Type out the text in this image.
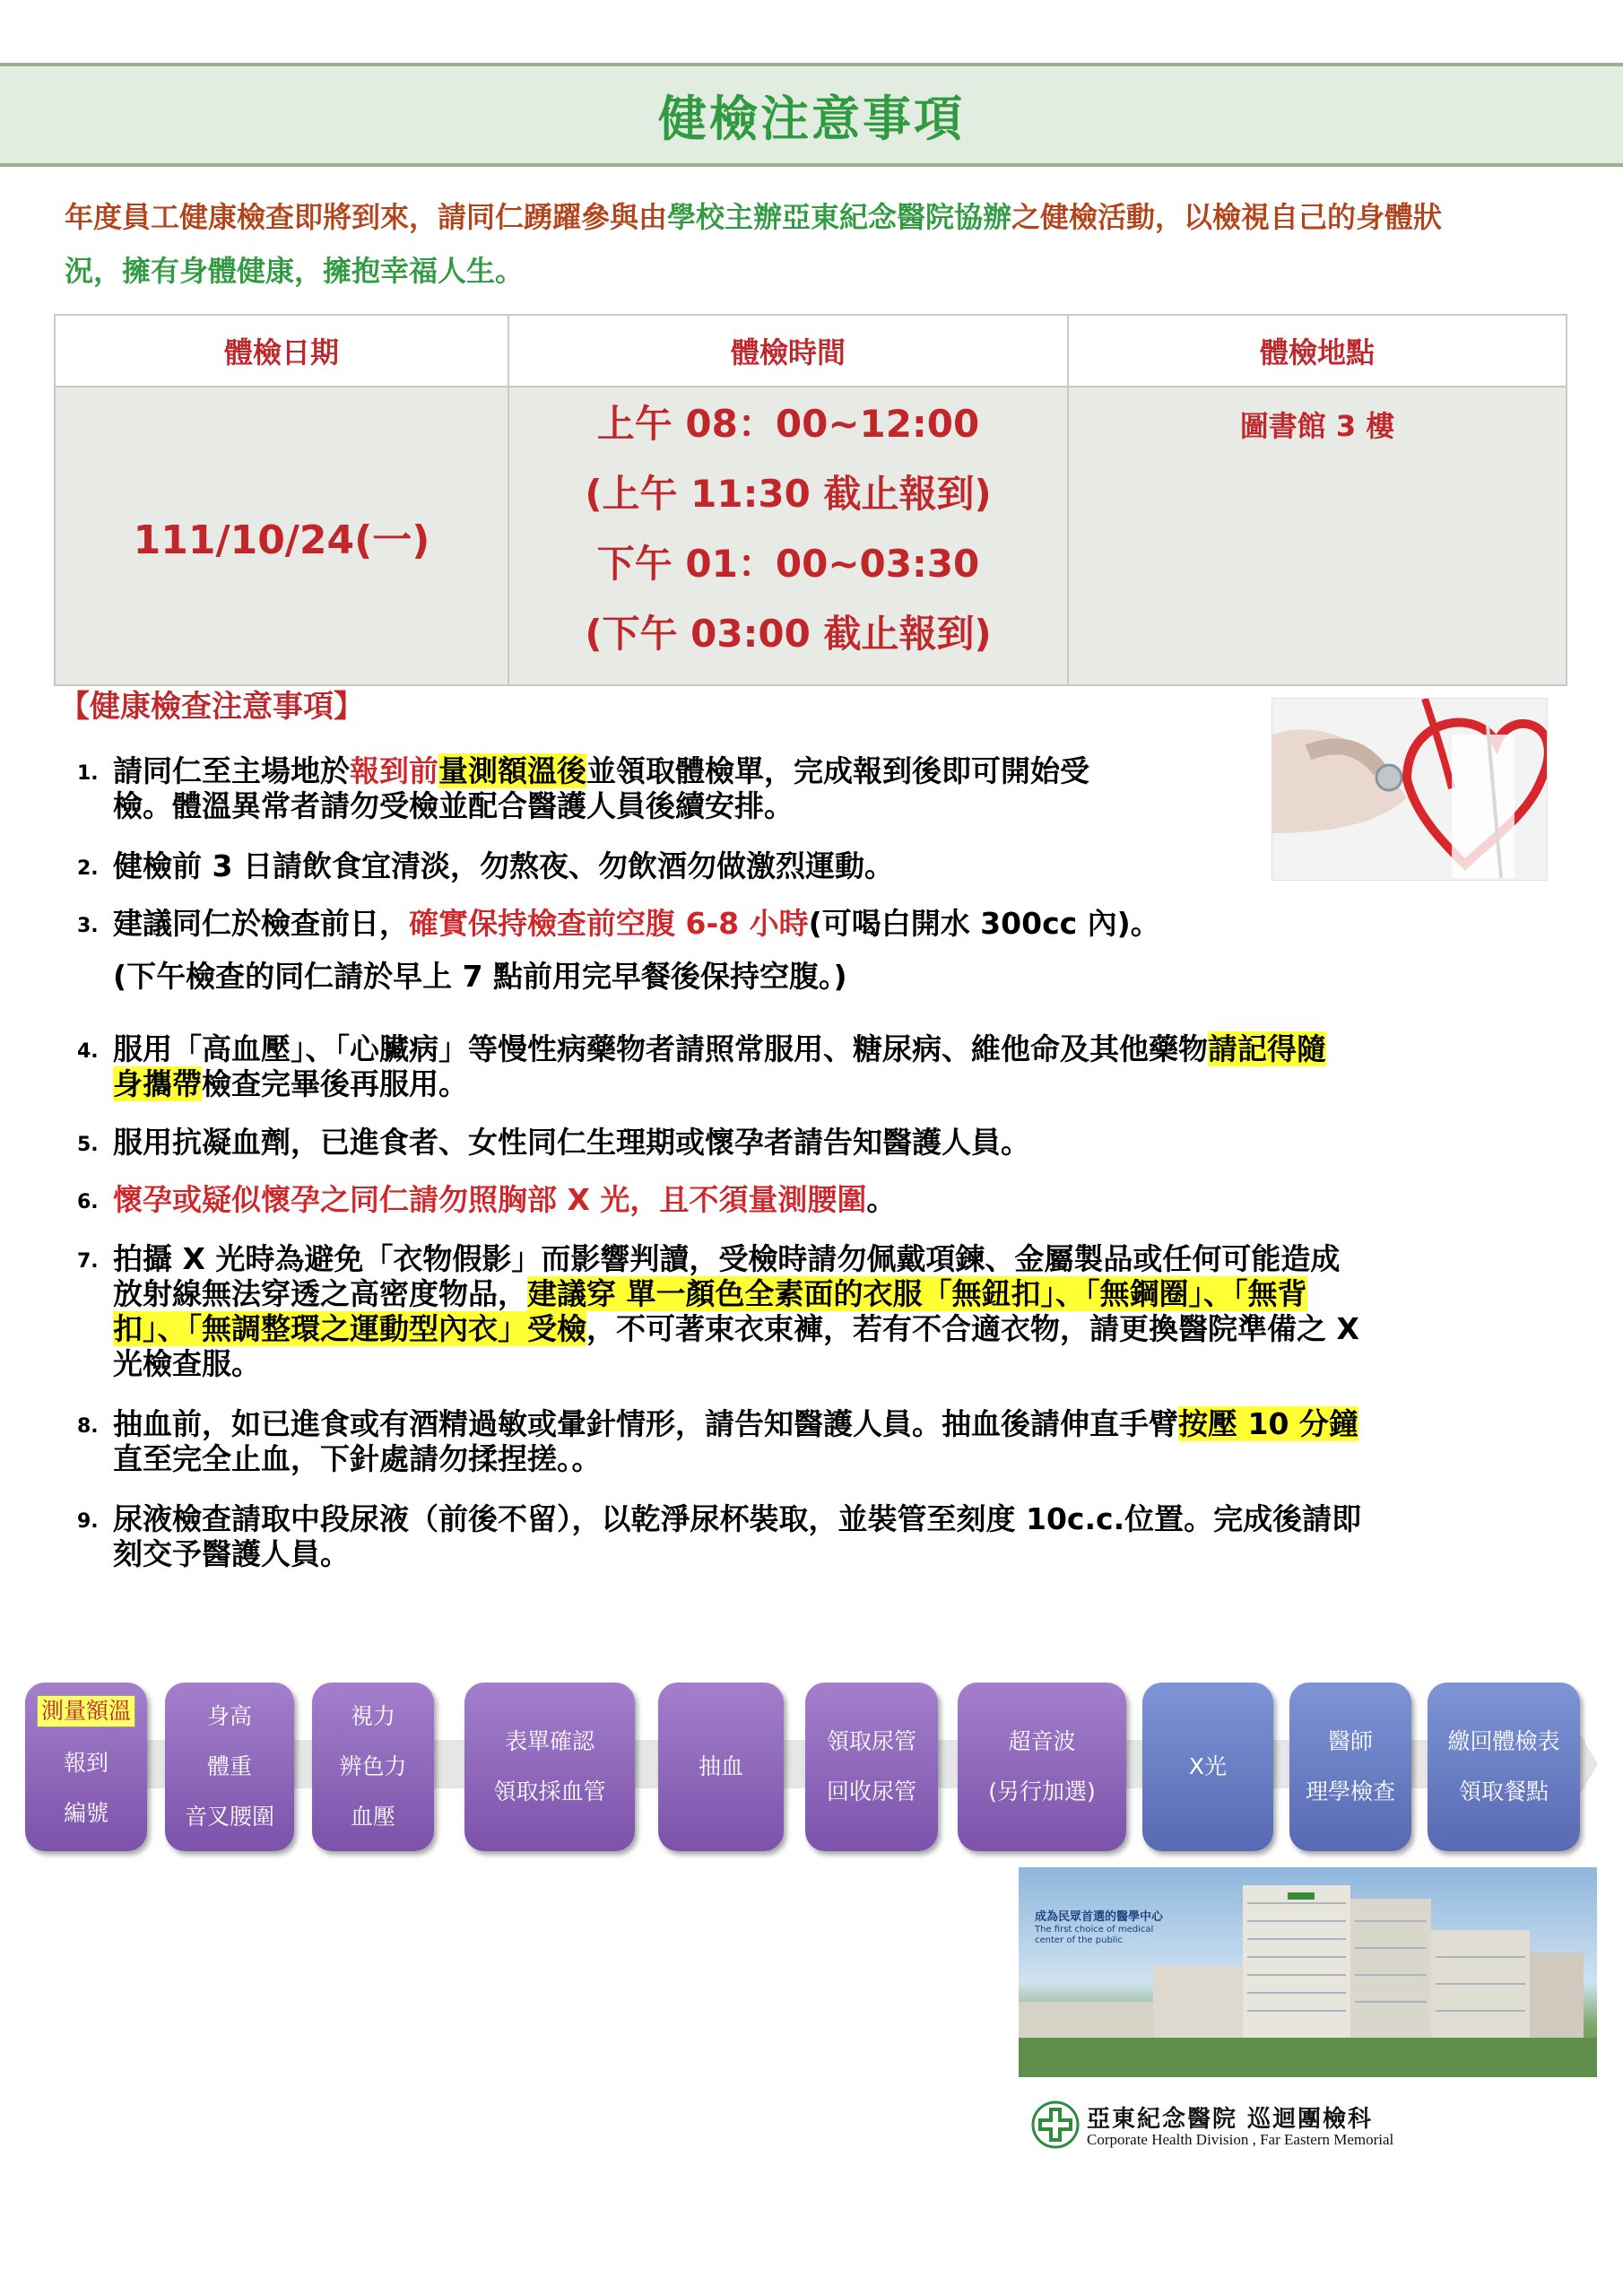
健檢注意事項
年度員工健康檢查即將到來，請同仁踴躍參與由學校主辦亞東紀念醫院協辦之健檢活動，以檢視自己的身體狀
況，擁有身體健康，擁抱幸福人生。
體檢日期	體檢時間	體檢地點
111/10/24(一)	上午 08：00~12:00
(上午 11:30 截止報到)
下午 01：00~03:30
(下午 03:00 截止報到)	圖書館 3 樓
【健康檢查注意事項】
1. 請同仁至主場地於報到前量測額溫後並領取體檢單，完成報到後即可開始受
檢。體溫異常者請勿受檢並配合醫護人員後續安排。
2. 健檢前 3 日請飲食宜清淡，勿熬夜、勿飲酒勿做激烈運動。
3. 建議同仁於檢查前日，確實保持檢查前空腹 6-8 小時(可喝白開水 300cc 內)。
(下午檢查的同仁請於早上 7 點前用完早餐後保持空腹。)
4. 服用「高血壓」、「心臟病」等慢性病藥物者請照常服用、糖尿病、維他命及其他藥物請記得隨
身攜帶檢查完畢後再服用。
5. 服用抗凝血劑，已進食者、女性同仁生理期或懷孕者請告知醫護人員。
6. 懷孕或疑似懷孕之同仁請勿照胸部 X 光，且不須量測腰圍。
7. 拍攝 X 光時為避免「衣物假影」而影響判讀，受檢時請勿佩戴項鍊、金屬製品或任何可能造成
放射線無法穿透之高密度物品，建議穿 單一顏色全素面的衣服「無鈕扣」、「無鋼圈」、「無背
扣」、「無調整環之運動型內衣」受檢，不可著束衣束褲，若有不合適衣物，請更換醫院準備之 X
光檢查服。
8. 抽血前，如已進食或有酒精過敏或暈針情形，請告知醫護人員。抽血後請伸直手臂按壓 10 分鐘
直至完全止血，下針處請勿揉捏搓。。
9. 尿液檢查請取中段尿液（前後不留），以乾淨尿杯裝取，並裝管至刻度 10c.c.位置。完成後請即
刻交予醫護人員。
測量額溫
報到
編號
身高
體重
音叉腰圍
視力
辨色力
血壓
表單確認
領取採血管
抽血
領取尿管
回收尿管
超音波
(另行加選)
X光
醫師
理學檢查
繳回體檢表
領取餐點
成為民眾首選的醫學中心
The first choice of medical center of the public
亞東紀念醫院 巡迴團檢科
Corporate Health Division , Far Eastern Memorial
